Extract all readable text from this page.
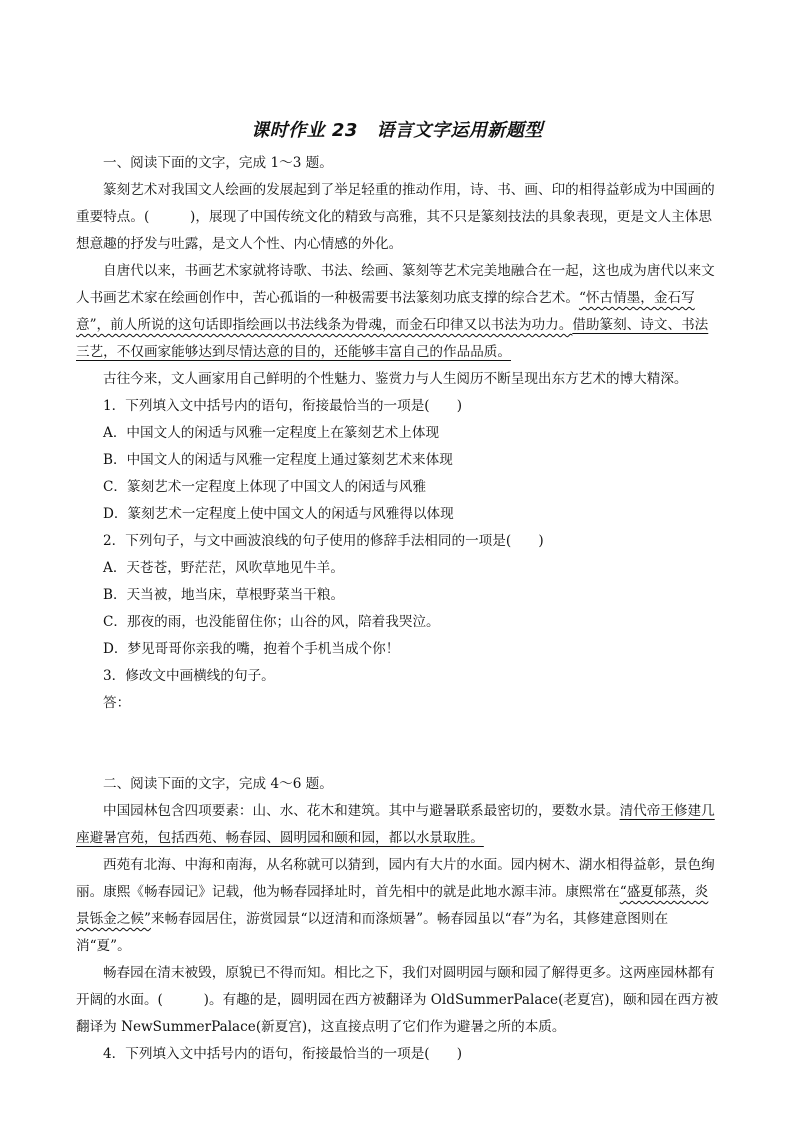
课时作业 23　语言文字运用新题型

一、阅读下面的文字，完成 1～3 题。

篆刻艺术对我国文人绘画的发展起到了举足轻重的推动作用，诗、书、画、印的相得益彰成为中国画的重要特点。(　　　)，展现了中国传统文化的精致与高雅，其不只是篆刻技法的具象表现，更是文人主体思想意趣的抒发与吐露，是文人个性、内心情感的外化。

自唐代以来，书画艺术家就将诗歌、书法、绘画、篆刻等艺术完美地融合在一起，这也成为唐代以来文人书画艺术家在绘画创作中，苦心孤诣的一种极需要书法篆刻功底支撑的综合艺术。“怀古情墨，金石写意”，前人所说的这句话即指绘画以书法线条为骨魂，而金石印律又以书法为功力。借助篆刻、诗文、书法三艺，不仅画家能够达到尽情达意的目的，还能够丰富自己的作品品质。

古往今来，文人画家用自己鲜明的个性魅力、鉴赏力与人生阅历不断呈现出东方艺术的博大精深。

1．下列填入文中括号内的语句，衔接最恰当的一项是(　　)

A．中国文人的闲适与风雅一定程度上在篆刻艺术上体现

B．中国文人的闲适与风雅一定程度上通过篆刻艺术来体现

C．篆刻艺术一定程度上体现了中国文人的闲适与风雅

D．篆刻艺术一定程度上使中国文人的闲适与风雅得以体现

2．下列句子，与文中画波浪线的句子使用的修辞手法相同的一项是(　　)

A．天苍苍，野茫茫，风吹草地见牛羊。

B．天当被，地当床，草根野菜当干粮。

C．那夜的雨，也没能留住你；山谷的风，陪着我哭泣。

D．梦见哥哥你亲我的嘴，抱着个手机当成个你！

3．修改文中画横线的句子。

答：

二、阅读下面的文字，完成 4～6 题。

中国园林包含四项要素：山、水、花木和建筑。其中与避暑联系最密切的，要数水景。清代帝王修建几座避暑宫苑，包括西苑、畅春园、圆明园和颐和园，都以水景取胜。

西苑有北海、中海和南海，从名称就可以猜到，园内有大片的水面。园内树木、湖水相得益彰，景色绚丽。康熙《畅春园记》记载，他为畅春园择址时，首先相中的就是此地水源丰沛。康熙常在“盛夏郁蒸，炎景铄金之候”来畅春园居住，游赏园景“以迓清和而涤烦暑”。畅春园虽以“春”为名，其修建意图则在消“夏”。

畅春园在清末被毁，原貌已不得而知。相比之下，我们对圆明园与颐和园了解得更多。这两座园林都有开阔的水面。(　　　)。有趣的是，圆明园在西方被翻译为 OldSummerPalace(老夏宫)，颐和园在西方被翻译为 NewSummerPalace(新夏宫)，这直接点明了它们作为避暑之所的本质。

4．下列填入文中括号内的语句，衔接最恰当的一项是(　　)
